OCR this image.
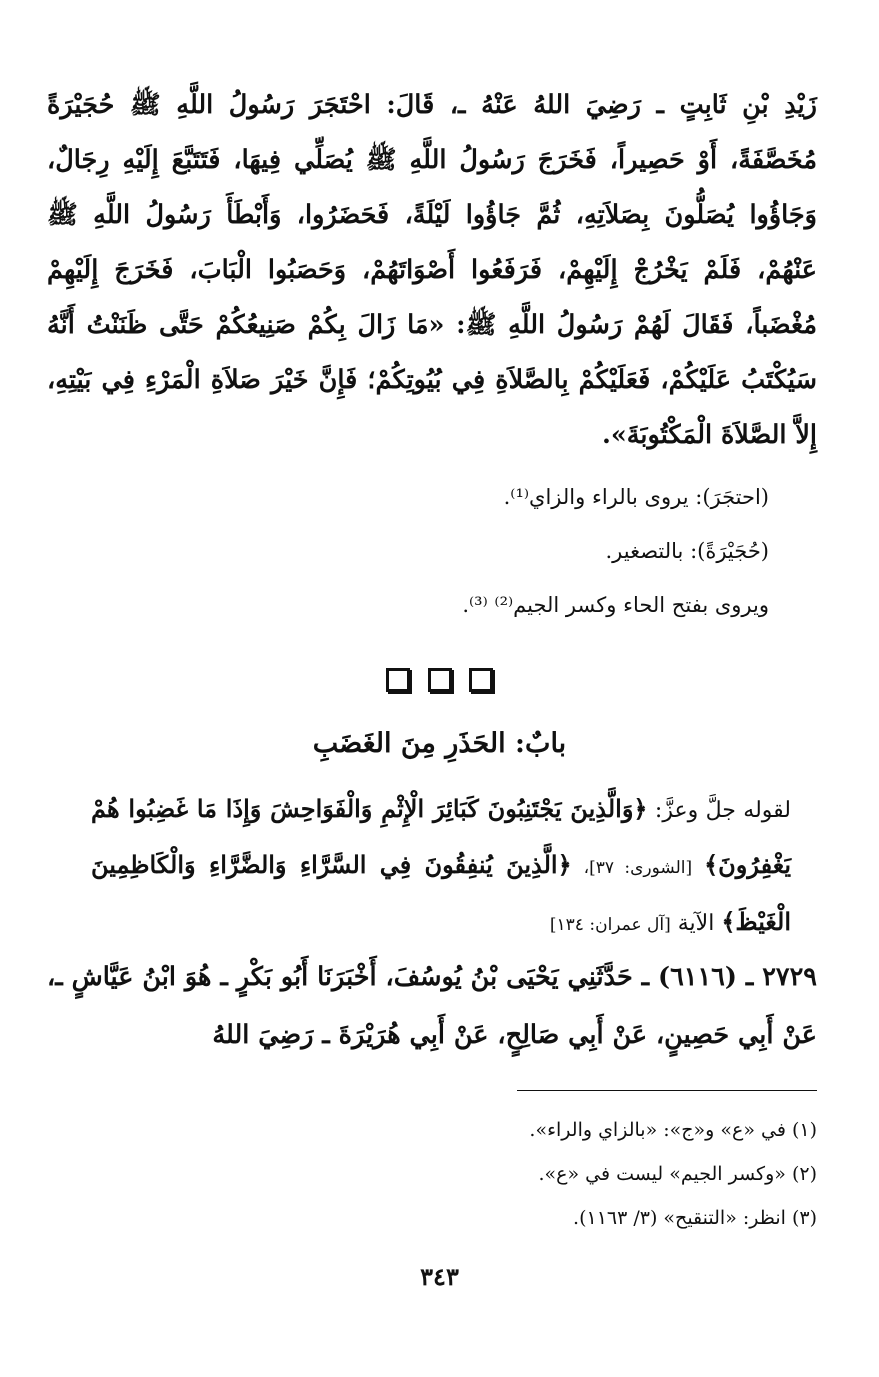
زَيْدِ بْنِ ثَابِتٍ ـ رَضِيَ اللهُ عَنْهُ ـ، قَالَ: احْتَجَرَ رَسُولُ اللَّهِ ﷺ حُجَيْرَةً مُخَصَّفَةً، أَوْ حَصِيراً، فَخَرَجَ رَسُولُ اللَّهِ ﷺ يُصَلِّي فِيهَا، فَتَتَبَّعَ إِلَيْهِ رِجَالٌ، وَجَاؤُوا يُصَلُّونَ بِصَلاَتِهِ، ثُمَّ جَاؤُوا لَيْلَةً، فَحَضَرُوا، وَأَبْطَأَ رَسُولُ اللَّهِ ﷺ عَنْهُمْ، فَلَمْ يَخْرُجْ إِلَيْهِمْ، فَرَفَعُوا أَصْوَاتَهُمْ، وَحَصَبُوا الْبَابَ، فَخَرَجَ إِلَيْهِمْ مُغْضَباً، فَقَالَ لَهُمْ رَسُولُ اللَّهِ ﷺ: «مَا زَالَ بِكُمْ صَنِيعُكُمْ حَتَّى ظَنَنْتُ أَنَّهُ سَيُكْتَبُ عَلَيْكُمْ، فَعَلَيْكُمْ بِالصَّلاَةِ فِي بُيُوتِكُمْ؛ فَإِنَّ خَيْرَ صَلاَةِ الْمَرْءِ فِي بَيْتِهِ، إِلاَّ الصَّلاَةَ الْمَكْتُوبَةَ».
(احتجَرَ): يروى بالراء والزاي⁽¹⁾.
(حُجَيْرَةً): بالتصغير.
ويروى بفتح الحاء وكسر الجيم⁽²⁾ ⁽³⁾.

بابٌ: الحَذَرِ مِنَ الغَضَبِ
لقوله جلَّ وعزَّ: ﴿وَالَّذِينَ يَجْتَنِبُونَ كَبَائِرَ الْإِثْمِ وَالْفَوَاحِشَ وَإِذَا مَا غَضِبُوا هُمْ يَغْفِرُونَ﴾ [الشورى: ٣٧]، ﴿الَّذِينَ يُنفِقُونَ فِي السَّرَّاءِ وَالضَّرَّاءِ وَالْكَاظِمِينَ الْغَيْظَ﴾ الآية [آل عمران: ١٣٤]
٢٧٢٩ ـ (٦١١٦) ـ حَدَّثَنِي يَحْيَى بْنُ يُوسُفَ، أَخْبَرَنَا أَبُو بَكْرٍ ـ هُوَ ابْنُ عَيَّاشٍ ـ، عَنْ أَبِي حَصِينٍ، عَنْ أَبِي صَالِحٍ، عَنْ أَبِي هُرَيْرَةَ ـ رَضِيَ اللهُ
(١) في «ع» و«ج»: «بالزاي والراء».
(٢) «وكسر الجيم» ليست في «ع».
(٣) انظر: «التنقيح» (٣/ ١١٦٣).
٣٤٣
